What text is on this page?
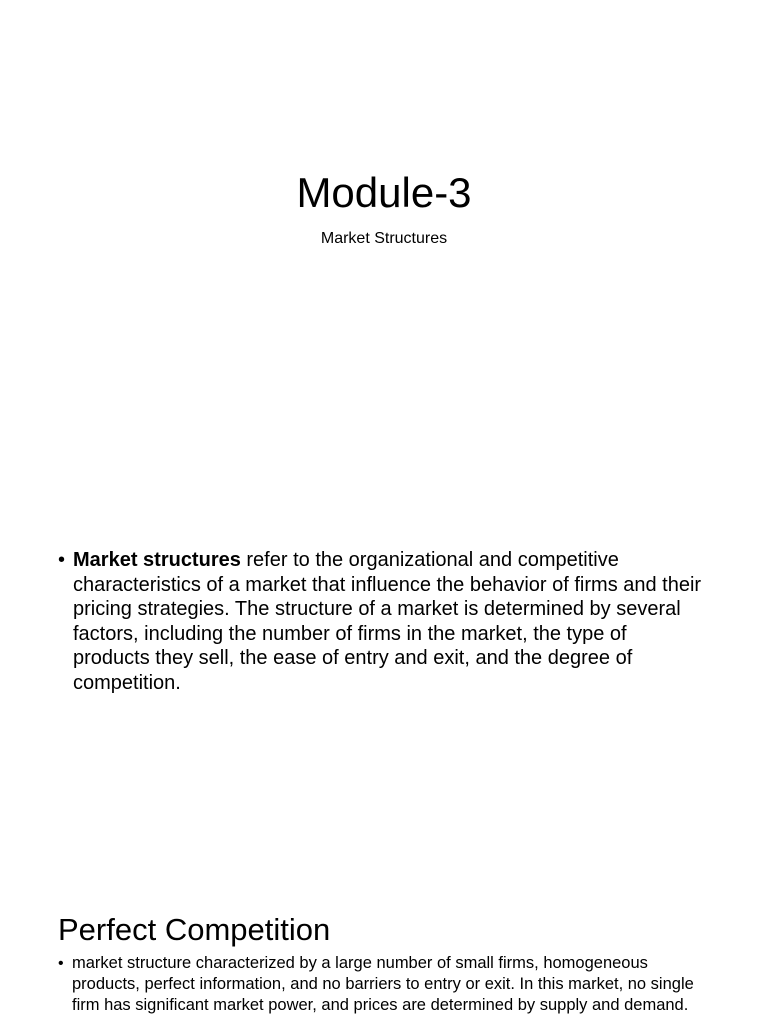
Module-3

Market Structures

• Market structures refer to the organizational and competitive characteristics of a market that influence the behavior of firms and their pricing strategies. The structure of a market is determined by several factors, including the number of firms in the market, the type of products they sell, the ease of entry and exit, and the degree of competition.
Perfect Competition
• market structure characterized by a large number of small firms, homogeneous products, perfect information, and no barriers to entry or exit. In this market, no single firm has significant market power, and prices are determined by supply and demand.
